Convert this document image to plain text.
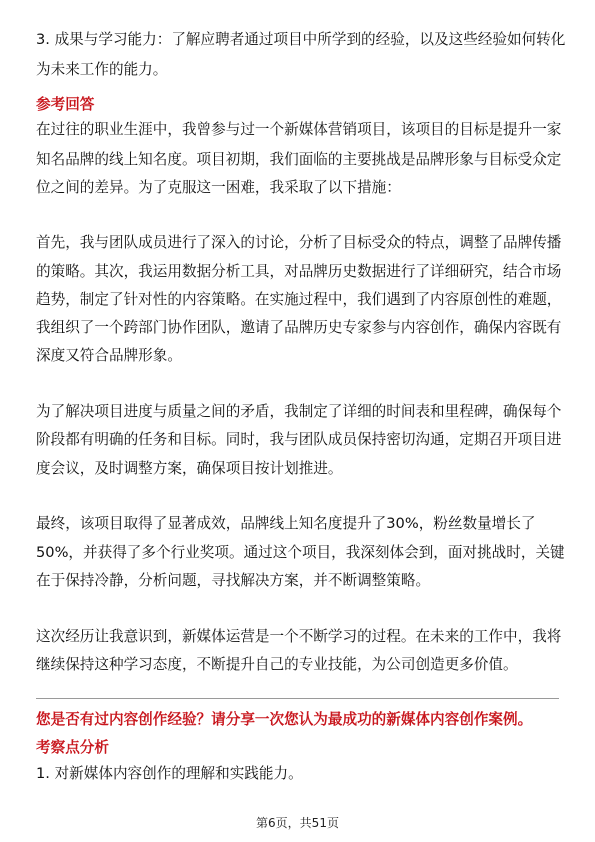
3. 成果与学习能力：了解应聘者通过项目中所学到的经验，以及这些经验如何转化
为未来工作的能力。
参考回答
在过往的职业生涯中，我曾参与过一个新媒体营销项目，该项目的目标是提升一家
知名品牌的线上知名度。项目初期，我们面临的主要挑战是品牌形象与目标受众定
位之间的差异。为了克服这一困难，我采取了以下措施：
首先，我与团队成员进行了深入的讨论，分析了目标受众的特点，调整了品牌传播
的策略。其次，我运用数据分析工具，对品牌历史数据进行了详细研究，结合市场
趋势，制定了针对性的内容策略。在实施过程中，我们遇到了内容原创性的难题，
我组织了一个跨部门协作团队，邀请了品牌历史专家参与内容创作，确保内容既有
深度又符合品牌形象。
为了解决项目进度与质量之间的矛盾，我制定了详细的时间表和里程碑，确保每个
阶段都有明确的任务和目标。同时，我与团队成员保持密切沟通，定期召开项目进
度会议，及时调整方案，确保项目按计划推进。
最终，该项目取得了显著成效，品牌线上知名度提升了30%，粉丝数量增长了
50%，并获得了多个行业奖项。通过这个项目，我深刻体会到，面对挑战时，关键
在于保持冷静，分析问题，寻找解决方案，并不断调整策略。
这次经历让我意识到，新媒体运营是一个不断学习的过程。在未来的工作中，我将
继续保持这种学习态度，不断提升自己的专业技能，为公司创造更多价值。
您是否有过内容创作经验？请分享一次您认为最成功的新媒体内容创作案例。
考察点分析
1. 对新媒体内容创作的理解和实践能力。
第6页，共51页
